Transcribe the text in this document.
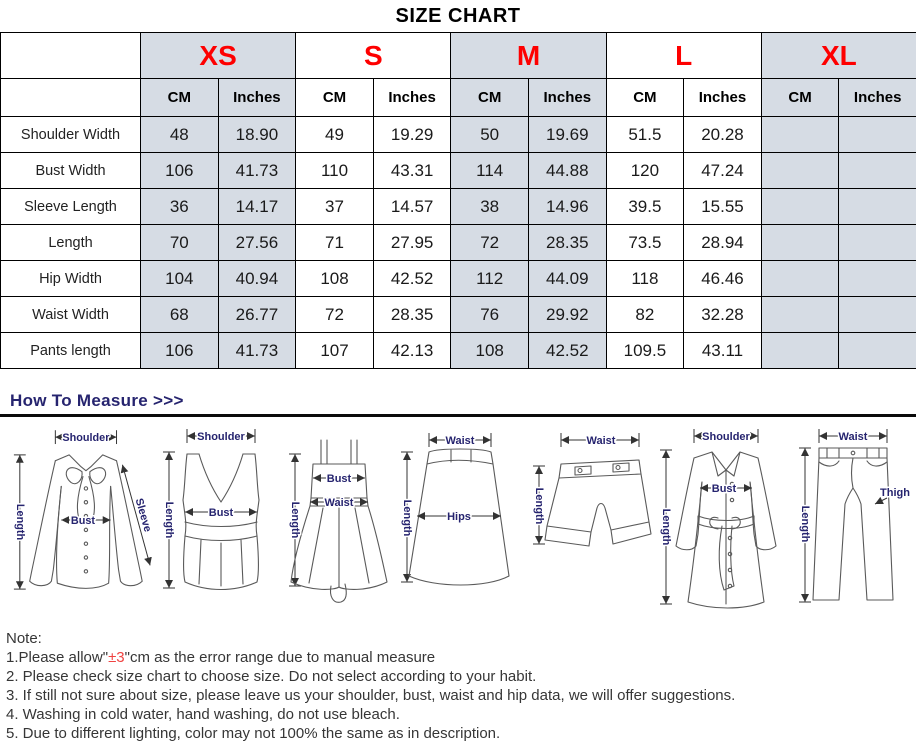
SIZE CHART
	XS		S		M		L		XL	
	CM	Inches	CM	Inches	CM	Inches	CM	Inches	CM	Inches
Shoulder Width	48	18.90	49	19.29	50	19.69	51.5	20.28		
Bust Width	106	41.73	110	43.31	114	44.88	120	47.24		
Sleeve Length	36	14.17	37	14.57	38	14.96	39.5	15.55		
Length	70	27.56	71	27.95	72	28.35	73.5	28.94		
Hip Width	104	40.94	108	42.52	112	44.09	118	46.46		
Waist Width	68	26.77	72	28.35	76	29.92	82	32.28		
Pants length	106	41.73	107	42.13	108	42.52	109.5	43.11		
How To Measure >>>
Shoulder
Length	Bust	Sleeve
Shoulder
Length	Bust
Bust
Waist
Length
Waist
Hips
Length
Waist
Length
Shoulder
Bust
Length
Waist
Length
Thigh
Note:
1.Please allow"±3"cm as the error range due to manual measure
2. Please check size chart to choose size. Do not select according to your habit.
3. If still not sure about size, please leave us your shoulder, bust, waist and hip data, we will offer suggestions.
4. Washing in cold water, hand washing, do not use bleach.
5. Due to different lighting, color may not 100% the same as in description.
